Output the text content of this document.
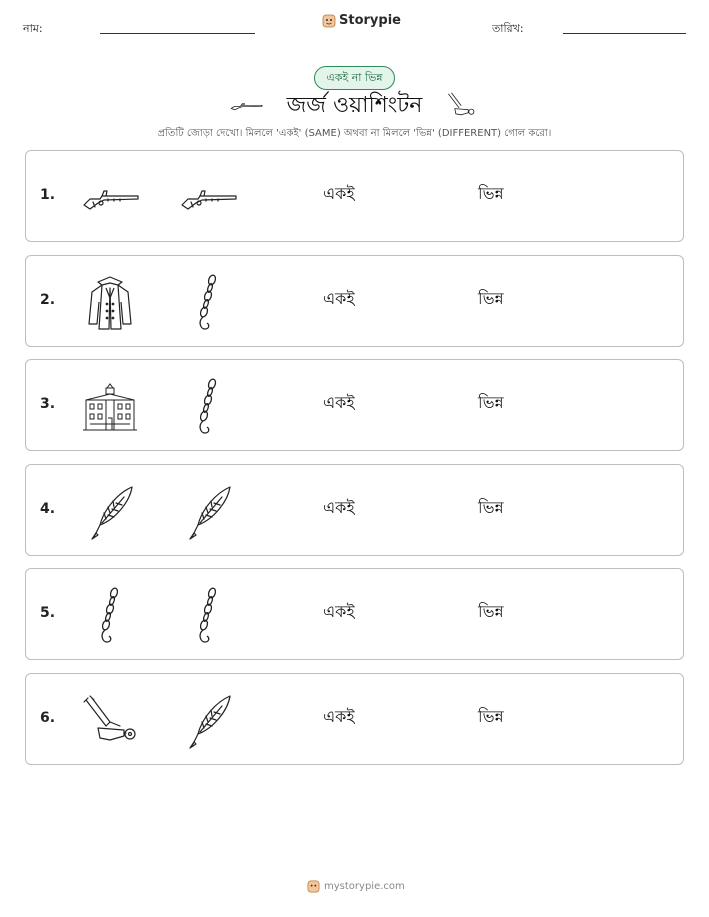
নাম:
Storypie
তারিখ:
একই না ভিন্ন
জর্জ ওয়াশিংটন
প্রতিটি জোড়া দেখো। মিললে 'একই' (SAME) অথবা না মিললে 'ভিন্ন' (DIFFERENT) গোল করো।
1.	একই	ভিন্ন
2.	একই	ভিন্ন
3.	একই	ভিন্ন
4.	একই	ভিন্ন
5.	একই	ভিন্ন
6.	একই	ভিন্ন
mystorypie.com
